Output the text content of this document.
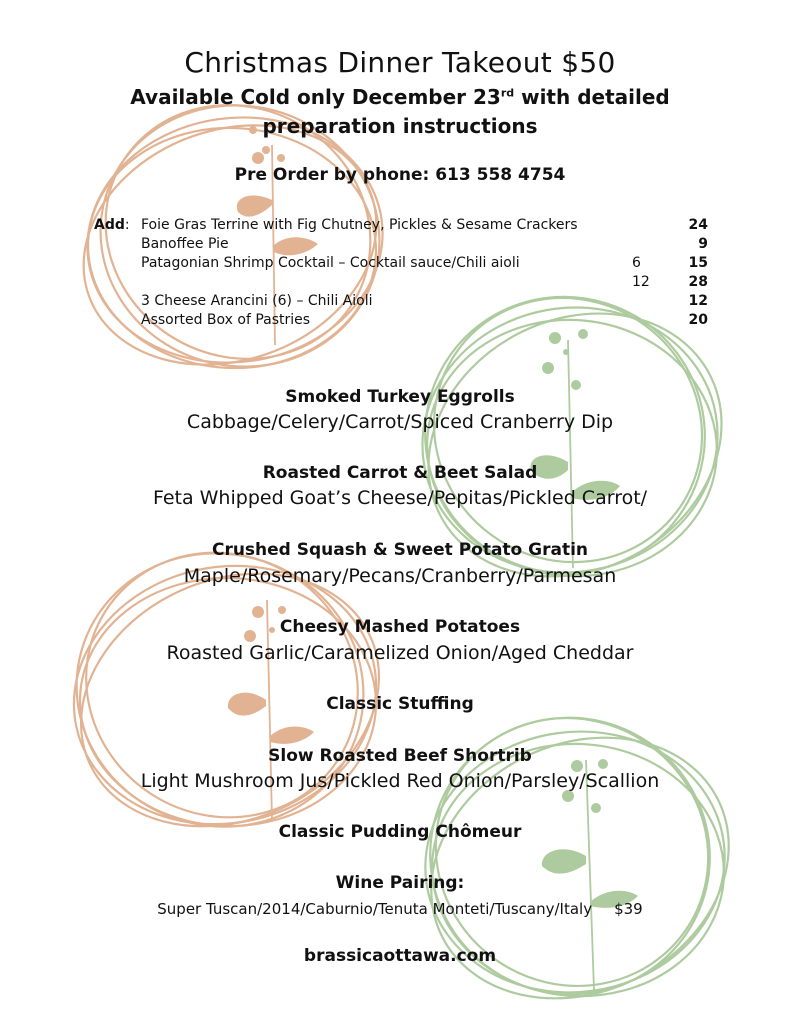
Christmas Dinner Takeout $50
Available Cold only December 23rd with detailed
preparation instructions
Pre Order by phone: 613 558 4754
Add: Foie Gras Terrine with Fig Chutney, Pickles & Sesame Crackers	24
Banoffee Pie	9
Patagonian Shrimp Cocktail – Cocktail sauce/Chili aioli	6	15
12	28
3 Cheese Arancini (6) – Chili Aioli	12
Assorted Box of Pastries	20
Smoked Turkey Eggrolls
Cabbage/Celery/Carrot/Spiced Cranberry Dip
Roasted Carrot & Beet Salad
Feta Whipped Goat’s Cheese/Pepitas/Pickled Carrot/
Crushed Squash & Sweet Potato Gratin
Maple/Rosemary/Pecans/Cranberry/Parmesan
Cheesy Mashed Potatoes
Roasted Garlic/Caramelized Onion/Aged Cheddar
Classic Stuffing
Slow Roasted Beef Shortrib
Light Mushroom Jus/Pickled Red Onion/Parsley/Scallion
Classic Pudding Chômeur
Wine Pairing:
Super Tuscan/2014/Caburnio/Tenuta Monteti/Tuscany/Italy $39
brassicaottawa.com
